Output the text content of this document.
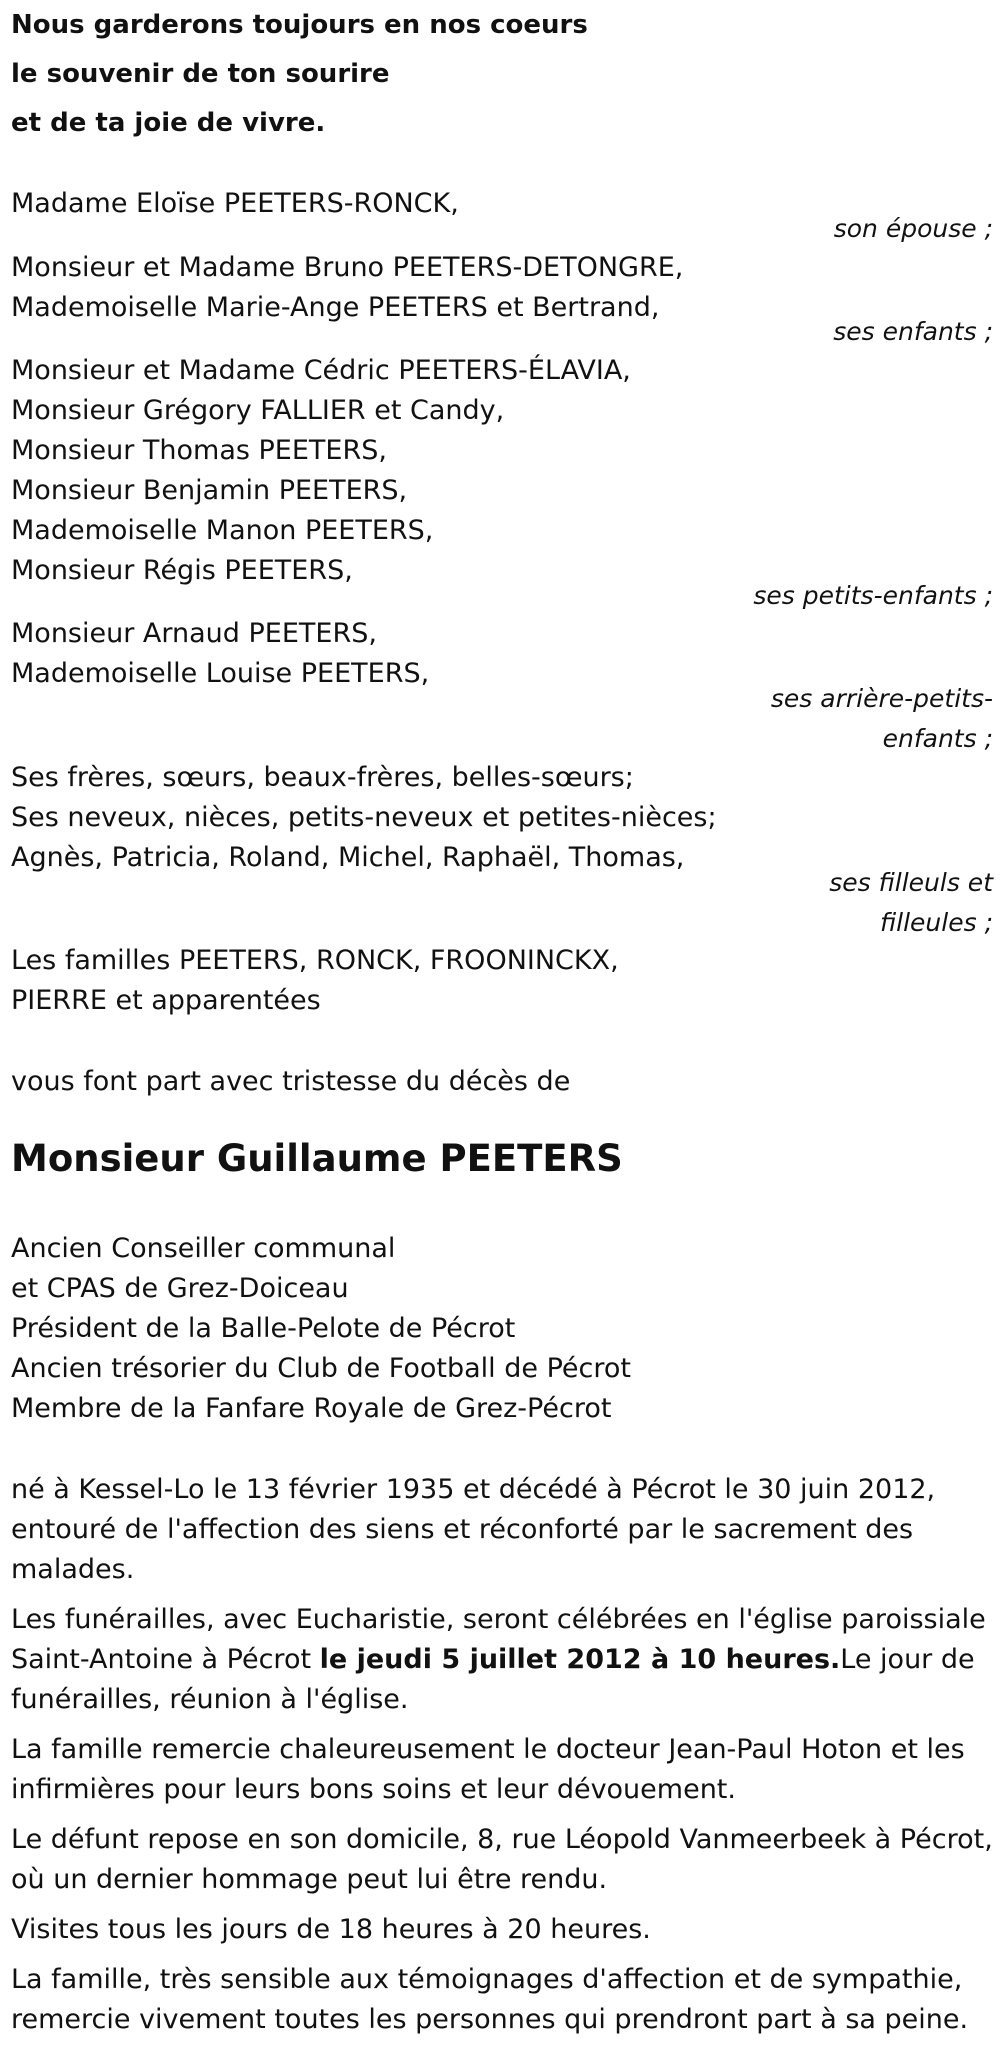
Nous garderons toujours en nos coeurs
le souvenir de ton sourire
et de ta joie de vivre.
Madame Eloïse PEETERS-RONCK,
son épouse ;
Monsieur et Madame Bruno PEETERS-DETONGRE,
Mademoiselle Marie-Ange PEETERS et Bertrand,
ses enfants ;
Monsieur et Madame Cédric PEETERS-ÉLAVIA,
Monsieur Grégory FALLIER et Candy,
Monsieur Thomas PEETERS,
Monsieur Benjamin PEETERS,
Mademoiselle Manon PEETERS,
Monsieur Régis PEETERS,
ses petits-enfants ;
Monsieur Arnaud PEETERS,
Mademoiselle Louise PEETERS,
ses arrière-petits-
enfants ;
Ses frères, sœurs, beaux-frères, belles-sœurs;
Ses neveux, nièces, petits-neveux et petites-nièces;
Agnès, Patricia, Roland, Michel, Raphaël, Thomas,
ses filleuls et
filleules ;
Les familles PEETERS, RONCK, FROONINCKX,
PIERRE et apparentées
vous font part avec tristesse du décès de
Monsieur Guillaume PEETERS
Ancien Conseiller communal
et CPAS de Grez-Doiceau
Président de la Balle-Pelote de Pécrot
Ancien trésorier du Club de Football de Pécrot
Membre de la Fanfare Royale de Grez-Pécrot
né à Kessel-Lo le 13 février 1935 et décédé à Pécrot le 30 juin 2012,
entouré de l'affection des siens et réconforté par le sacrement des
malades.
Les funérailles, avec Eucharistie, seront célébrées en l'église paroissiale
Saint-Antoine à Pécrot le jeudi 5 juillet 2012 à 10 heures.Le jour de
funérailles, réunion à l'église.
La famille remercie chaleureusement le docteur Jean-Paul Hoton et les
infirmières pour leurs bons soins et leur dévouement.
Le défunt repose en son domicile, 8, rue Léopold Vanmeerbeek à Pécrot,
où un dernier hommage peut lui être rendu.
Visites tous les jours de 18 heures à 20 heures.
La famille, très sensible aux témoignages d'affection et de sympathie,
remercie vivement toutes les personnes qui prendront part à sa peine.
